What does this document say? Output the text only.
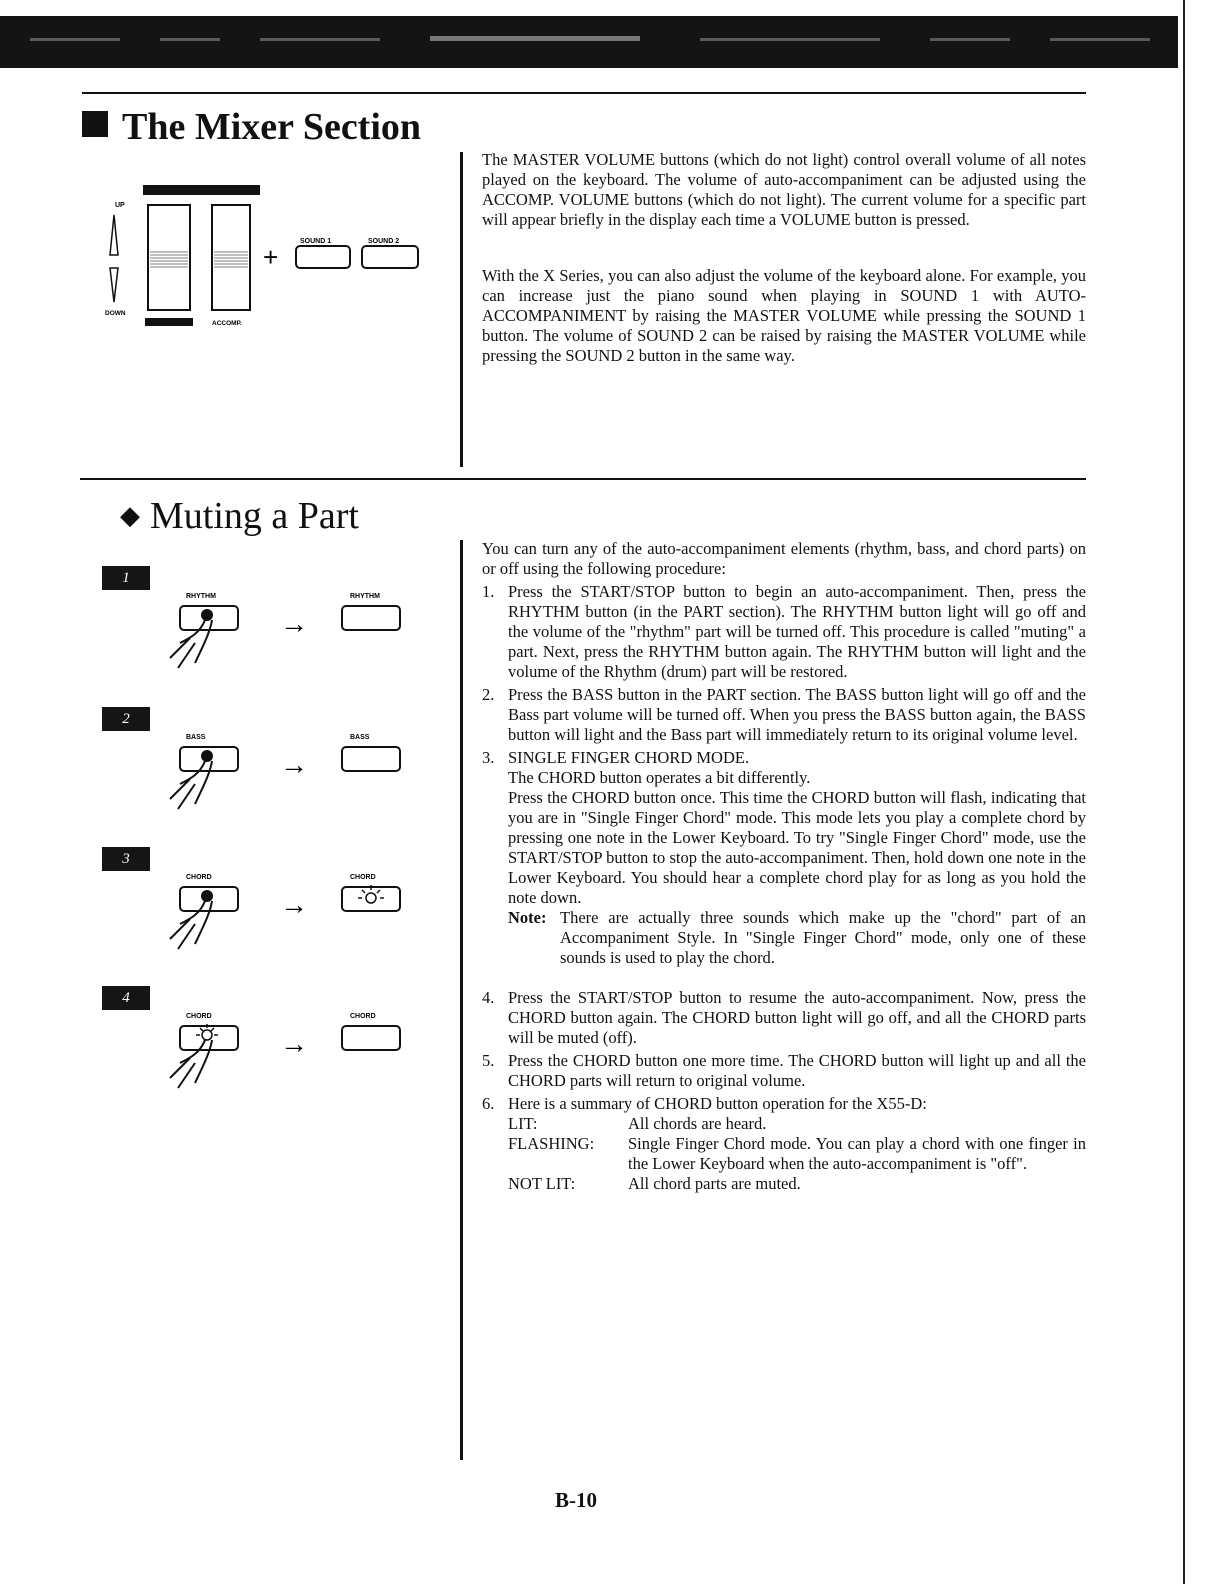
The Mixer Section
UP
DOWN
ACCOMP.
+
SOUND 1	SOUND 2
The MASTER VOLUME buttons (which do not light) control overall volume of all notes played on the keyboard. The volume of auto-accompaniment can be adjusted using the ACCOMP. VOLUME buttons (which do not light). The current volume for a specific part will appear briefly in the display each time a VOLUME button is pressed.
With the X Series, you can also adjust the volume of the keyboard alone. For example, you can increase just the piano sound when playing in SOUND 1 with AUTO-ACCOMPANIMENT by raising the MASTER VOLUME while pressing the SOUND 1 button. The volume of SOUND 2 can be raised by raising the MASTER VOLUME while pressing the SOUND 2 button in the same way.
◆ Muting a Part
1
RHYTHM
→
RHYTHM
2
BASS
→
BASS
3
CHORD
→
CHORD
4
CHORD
→
CHORD
You can turn any of the auto-accompaniment elements (rhythm, bass, and chord parts) on or off using the following procedure:
1. Press the START/STOP button to begin an auto-accompaniment. Then, press the RHYTHM button (in the PART section). The RHYTHM button light will go off and the volume of the "rhythm" part will be turned off. This procedure is called "muting" a part. Next, press the RHYTHM button again. The RHYTHM button will light and the volume of the Rhythm (drum) part will be restored.
2. Press the BASS button in the PART section. The BASS button light will go off and the Bass part volume will be turned off. When you press the BASS button again, the BASS button will light and the Bass part will immediately return to its original volume level.
3. SINGLE FINGER CHORD MODE.
The CHORD button operates a bit differently.
Press the CHORD button once. This time the CHORD button will flash, indicating that you are in "Single Finger Chord" mode. This mode lets you play a complete chord by pressing one note in the Lower Keyboard. To try "Single Finger Chord" mode, use the START/STOP button to stop the auto-accompaniment. Then, hold down one note in the Lower Keyboard. You should hear a complete chord play for as long as you hold the note down.
Note: There are actually three sounds which make up the "chord" part of an Accompaniment Style. In "Single Finger Chord" mode, only one of these sounds is used to play the chord.
4. Press the START/STOP button to resume the auto-accompaniment. Now, press the CHORD button again. The CHORD button light will go off, and all the CHORD parts will be muted (off).
5. Press the CHORD button one more time. The CHORD button will light up and all the CHORD parts will return to original volume.
6. Here is a summary of CHORD button operation for the X55-D:
LIT:	All chords are heard.
FLASHING:	Single Finger Chord mode. You can play a chord with one finger in the Lower Keyboard when the auto-accompaniment is "off".
NOT LIT:	All chord parts are muted.
B-10
